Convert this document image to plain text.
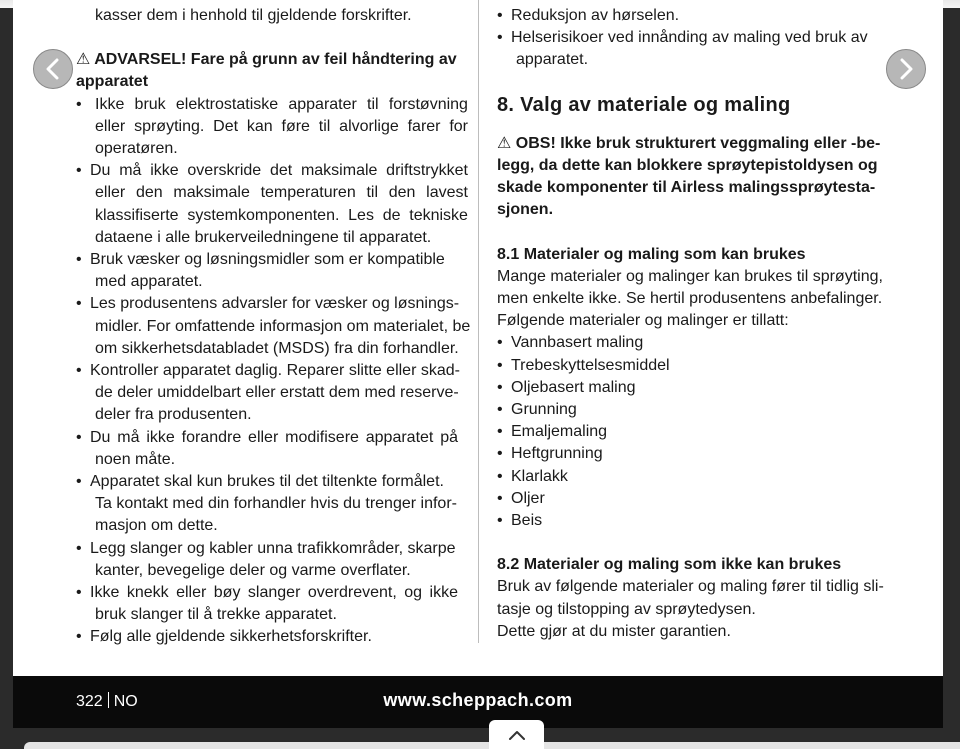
kasser dem i henhold til gjeldende forskrifter.
⚠ ADVARSEL! Fare på grunn av feil håndtering av
apparatet
• Ikke bruk elektrostatiske apparater til forstøvning
eller sprøyting. Det kan føre til alvorlige farer for
operatøren.
• Du må ikke overskride det maksimale driftstrykket
eller den maksimale temperaturen til den lavest
klassifiserte systemkomponenten. Les de tekniske
dataene i alle brukerveiledningene til apparatet.
• Bruk væsker og løsningsmidler som er kompatible
med apparatet.
• Les produsentens advarsler for væsker og løsnings-
midler. For omfattende informasjon om materialet, be
om sikkerhetsdatabladet (MSDS) fra din forhandler.
• Kontroller apparatet daglig. Reparer slitte eller skad-
de deler umiddelbart eller erstatt dem med reserve-
deler fra produsenten.
• Du må ikke forandre eller modifisere apparatet på
noen måte.
• Apparatet skal kun brukes til det tiltenkte formålet.
Ta kontakt med din forhandler hvis du trenger infor-
masjon om dette.
• Legg slanger og kabler unna trafikkområder, skarpe
kanter, bevegelige deler og varme overflater.
• Ikke knekk eller bøy slanger overdrevent, og ikke
bruk slanger til å trekke apparatet.
• Følg alle gjeldende sikkerhetsforskrifter.
• Reduksjon av hørselen.
• Helserisikoer ved innånding av maling ved bruk av
apparatet.
8. Valg av materiale og maling
⚠ OBS! Ikke bruk strukturert veggmaling eller -be-
legg, da dette kan blokkere sprøytepistoldysen og
skade komponenter til Airless malingssprøytesta-
sjonen.
8.1 Materialer og maling som kan brukes
Mange materialer og malinger kan brukes til sprøyting,
men enkelte ikke. Se hertil produsentens anbefalinger.
Følgende materialer og malinger er tillatt:
• Vannbasert maling
• Trebeskyttelsesmiddel
• Oljebasert maling
• Grunning
• Emaljemaling
• Heftgrunning
• Klarlakk
• Oljer
• Beis
8.2 Materialer og maling som ikke kan brukes
Bruk av følgende materialer og maling fører til tidlig sli-
tasje og tilstopping av sprøytedysen.
Dette gjør at du mister garantien.
322 NO	www.scheppach.com
